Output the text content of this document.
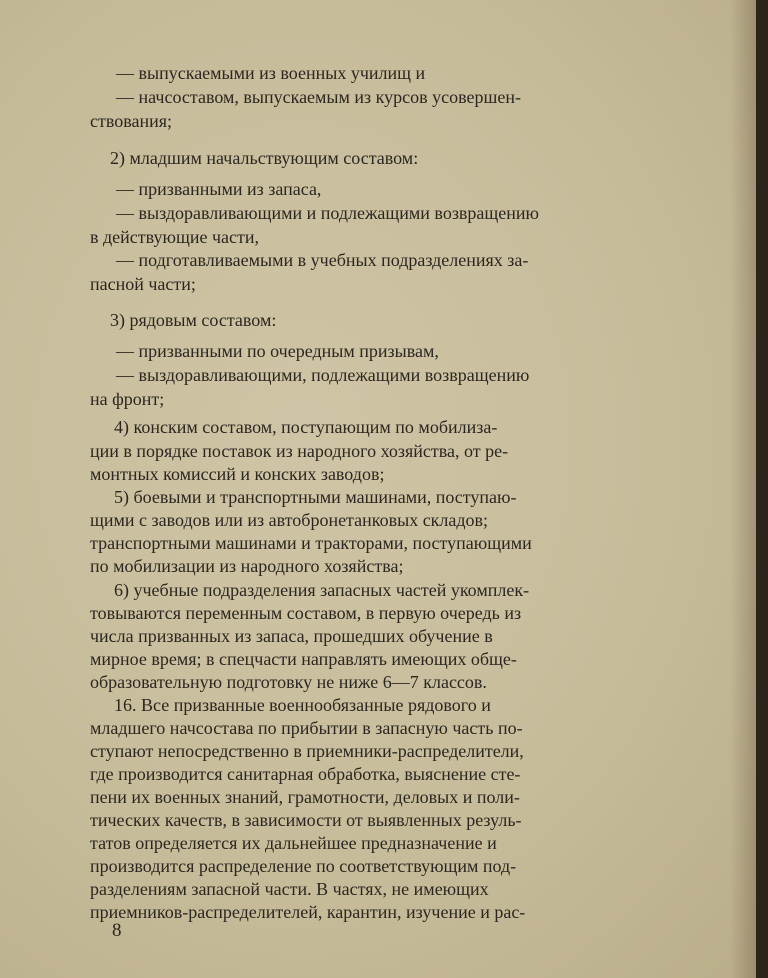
— выпускаемыми из военных училищ и
— начсоставом, выпускаемым из курсов усовершен-
ствования;
2) младшим начальствующим составом:
— призванными из запаса,
— выздоравливающими и подлежащими возвращению
в действующие части,
— подготавливаемыми в учебных подразделениях за-
пасной части;
3) рядовым составом:
— призванными по очередным призывам,
— выздоравливающими, подлежащими возвращению
на фронт;
4) конским составом, поступающим по мобилиза-
ции в порядке поставок из народного хозяйства, от ре-
монтных комиссий и конских заводов;
5) боевыми и транспортными машинами, поступаю-
щими с заводов или из автобронетанковых складов;
транспортными машинами и тракторами, поступающими
по мобилизации из народного хозяйства;
6) учебные подразделения запасных частей укомплек-
товываются переменным составом, в первую очередь из
числа призванных из запаса, прошедших обучение в
мирное время; в спецчасти направлять имеющих обще-
образовательную подготовку не ниже 6—7 классов.
16. Все призванные военнообязанные рядового и
младшего начсостава по прибытии в запасную часть по-
ступают непосредственно в приемники-распределители,
где производится санитарная обработка, выяснение сте-
пени их военных знаний, грамотности, деловых и поли-
тических качеств, в зависимости от выявленных резуль-
татов определяется их дальнейшее предназначение и
производится распределение по соответствующим под-
разделениям запасной части. В частях, не имеющих
приемников-распределителей, карантин, изучение и рас-
8
